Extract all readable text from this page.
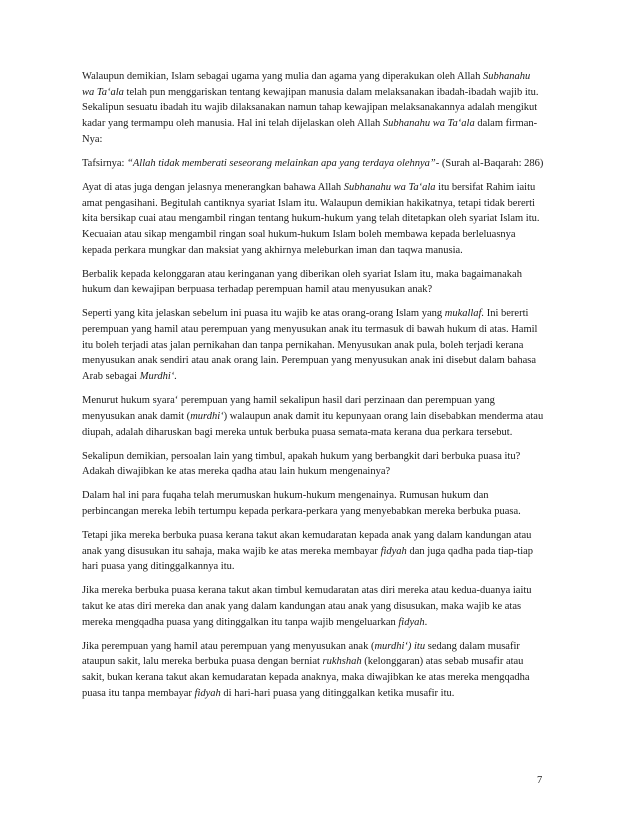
Walaupun demikian, Islam sebagai ugama yang mulia dan agama yang diperakukan oleh Allah Subhanahu wa Ta‘ala telah pun menggariskan tentang kewajipan manusia dalam melaksanakan ibadah-ibadah wajib itu. Sekalipun sesuatu ibadah itu wajib dilaksanakan namun tahap kewajipan melaksanakannya adalah mengikut kadar yang termampu oleh manusia. Hal ini telah dijelaskan oleh Allah Subhanahu wa Ta‘ala dalam firman-Nya:

Tafsirnya: “Allah tidak memberati seseorang melainkan apa yang terdaya olehnya”- (Surah al-Baqarah: 286)

Ayat di atas juga dengan jelasnya menerangkan bahawa Allah Subhanahu wa Ta‘ala itu bersifat Rahim iaitu amat pengasihani. Begitulah cantiknya syariat Islam itu. Walaupun demikian hakikatnya, tetapi tidak bererti kita bersikap cuai atau mengambil ringan tentang hukum-hukum yang telah ditetapkan oleh syariat Islam itu. Kecuaian atau sikap mengambil ringan soal hukum-hukum Islam boleh membawa kepada berleluasnya kepada perkara mungkar dan maksiat yang akhirnya meleburkan iman dan taqwa manusia.

Berbalik kepada kelonggaran atau keringanan yang diberikan oleh syariat Islam itu, maka bagaimanakah hukum dan kewajipan berpuasa terhadap perempuan hamil atau menyusukan anak?

Seperti yang kita jelaskan sebelum ini puasa itu wajib ke atas orang-orang Islam yang mukallaf. Ini bererti perempuan yang hamil atau perempuan yang menyusukan anak itu termasuk di bawah hukum di atas. Hamil itu boleh terjadi atas jalan pernikahan dan tanpa pernikahan. Menyusukan anak pula, boleh terjadi kerana menyusukan anak sendiri atau anak orang lain. Perempuan yang menyusukan anak ini disebut dalam bahasa Arab sebagai Murdhi‘.

Menurut hukum syara‘ perempuan yang hamil sekalipun hasil dari perzinaan dan perempuan yang menyusukan anak damit (murdhi‘) walaupun anak damit itu kepunyaan orang lain disebabkan menderma atau diupah, adalah diharuskan bagi mereka untuk berbuka puasa semata-mata kerana dua perkara tersebut.

Sekalipun demikian, persoalan lain yang timbul, apakah hukum yang berbangkit dari berbuka puasa itu? Adakah diwajibkan ke atas mereka qadha atau lain hukum mengenainya?

Dalam hal ini para fuqaha telah merumuskan hukum-hukum mengenainya. Rumusan hukum dan perbincangan mereka lebih tertumpu kepada perkara-perkara yang menyebabkan mereka berbuka puasa.

Tetapi jika mereka berbuka puasa kerana takut akan kemudaratan kepada anak yang dalam kandungan atau anak yang disusukan itu sahaja, maka wajib ke atas mereka membayar fidyah dan juga qadha pada tiap-tiap hari puasa yang ditinggalkannya itu.

Jika mereka berbuka puasa kerana takut akan timbul kemudaratan atas diri mereka atau kedua-duanya iaitu takut ke atas diri mereka dan anak yang dalam kandungan atau anak yang disusukan, maka wajib ke atas mereka mengqadha puasa yang ditinggalkan itu tanpa wajib mengeluarkan fidyah.

Jika perempuan yang hamil atau perempuan yang menyusukan anak (murdhi‘) itu sedang dalam musafir ataupun sakit, lalu mereka berbuka puasa dengan berniat rukhshah (kelonggaran) atas sebab musafir atau sakit, bukan kerana takut akan kemudaratan kepada anaknya, maka diwajibkan ke atas mereka mengqadha puasa itu tanpa membayar fidyah di hari-hari puasa yang ditinggalkan ketika musafir itu.

7
